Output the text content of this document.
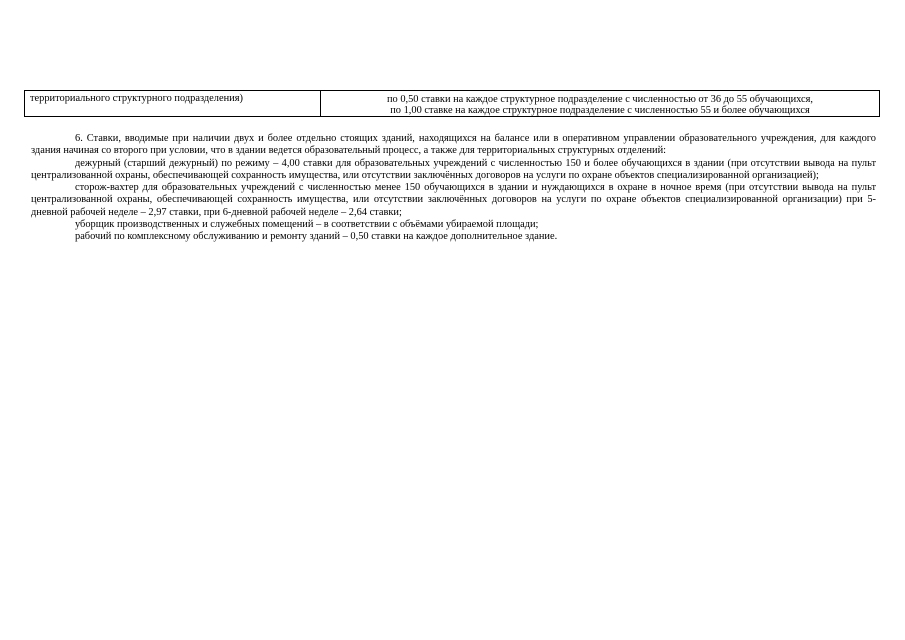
территориального структурного подразделения)	по 0,50 ставки на каждое структурное подразделение с численностью от 36 до 55 обучающихся,
по 1,00 ставке на каждое структурное подразделение с численностью 55 и более обучающихся

6. Ставки, вводимые при наличии двух и более отдельно стоящих зданий, находящихся на балансе или в оперативном управлении образовательного учреждения, для каждого здания начиная со второго при условии, что в здании ведется образовательный процесс, а также для территориальных структурных отделений:

дежурный (старший дежурный) по режиму – 4,00 ставки для образовательных учреждений с численностью 150 и более обучающихся в здании (при отсутствии вывода на пульт централизованной охраны, обеспечивающей сохранность имущества, или отсутствии заключённых договоров на услуги по охране объектов специализированной организацией);

сторож-вахтер для образовательных учреждений с численностью менее 150 обучающихся в здании и нуждающихся в охране в ночное время (при отсутствии вывода на пульт централизованной охраны, обеспечивающей сохранность имущества, или отсутствии заключённых договоров на услуги по охране объектов специализированной организации) при 5-дневной рабочей неделе – 2,97 ставки, при 6-дневной рабочей неделе – 2,64 ставки;

уборщик производственных и служебных помещений – в соответствии с объёмами убираемой площади;

рабочий по комплексному обслуживанию и ремонту зданий – 0,50 ставки на каждое дополнительное здание.
